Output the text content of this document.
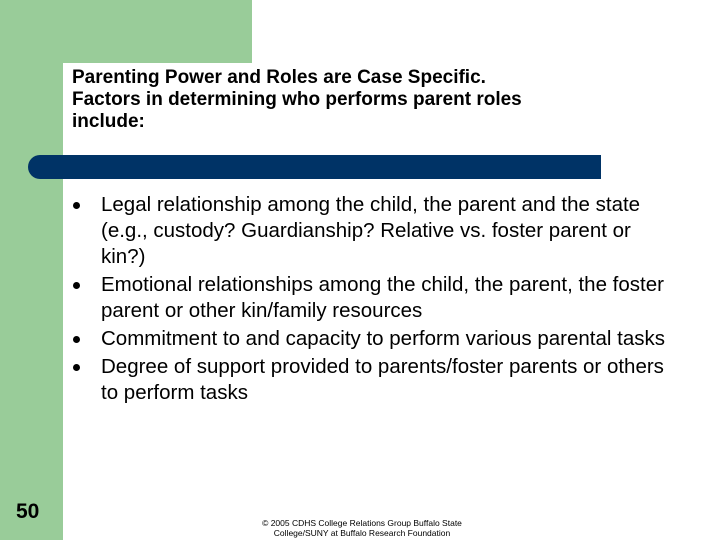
Parenting Power and Roles are Case Specific.
Factors in determining who performs parent roles
include:
Legal relationship among the child, the parent and the state (e.g., custody? Guardianship? Relative vs. foster parent or kin?)
Emotional relationships among the child, the parent, the foster parent or other kin/family resources
Commitment to and capacity to perform various parental tasks
Degree of support provided to parents/foster parents or others to perform tasks
50	© 2005 CDHS College Relations Group Buffalo State
College/SUNY at Buffalo Research Foundation
